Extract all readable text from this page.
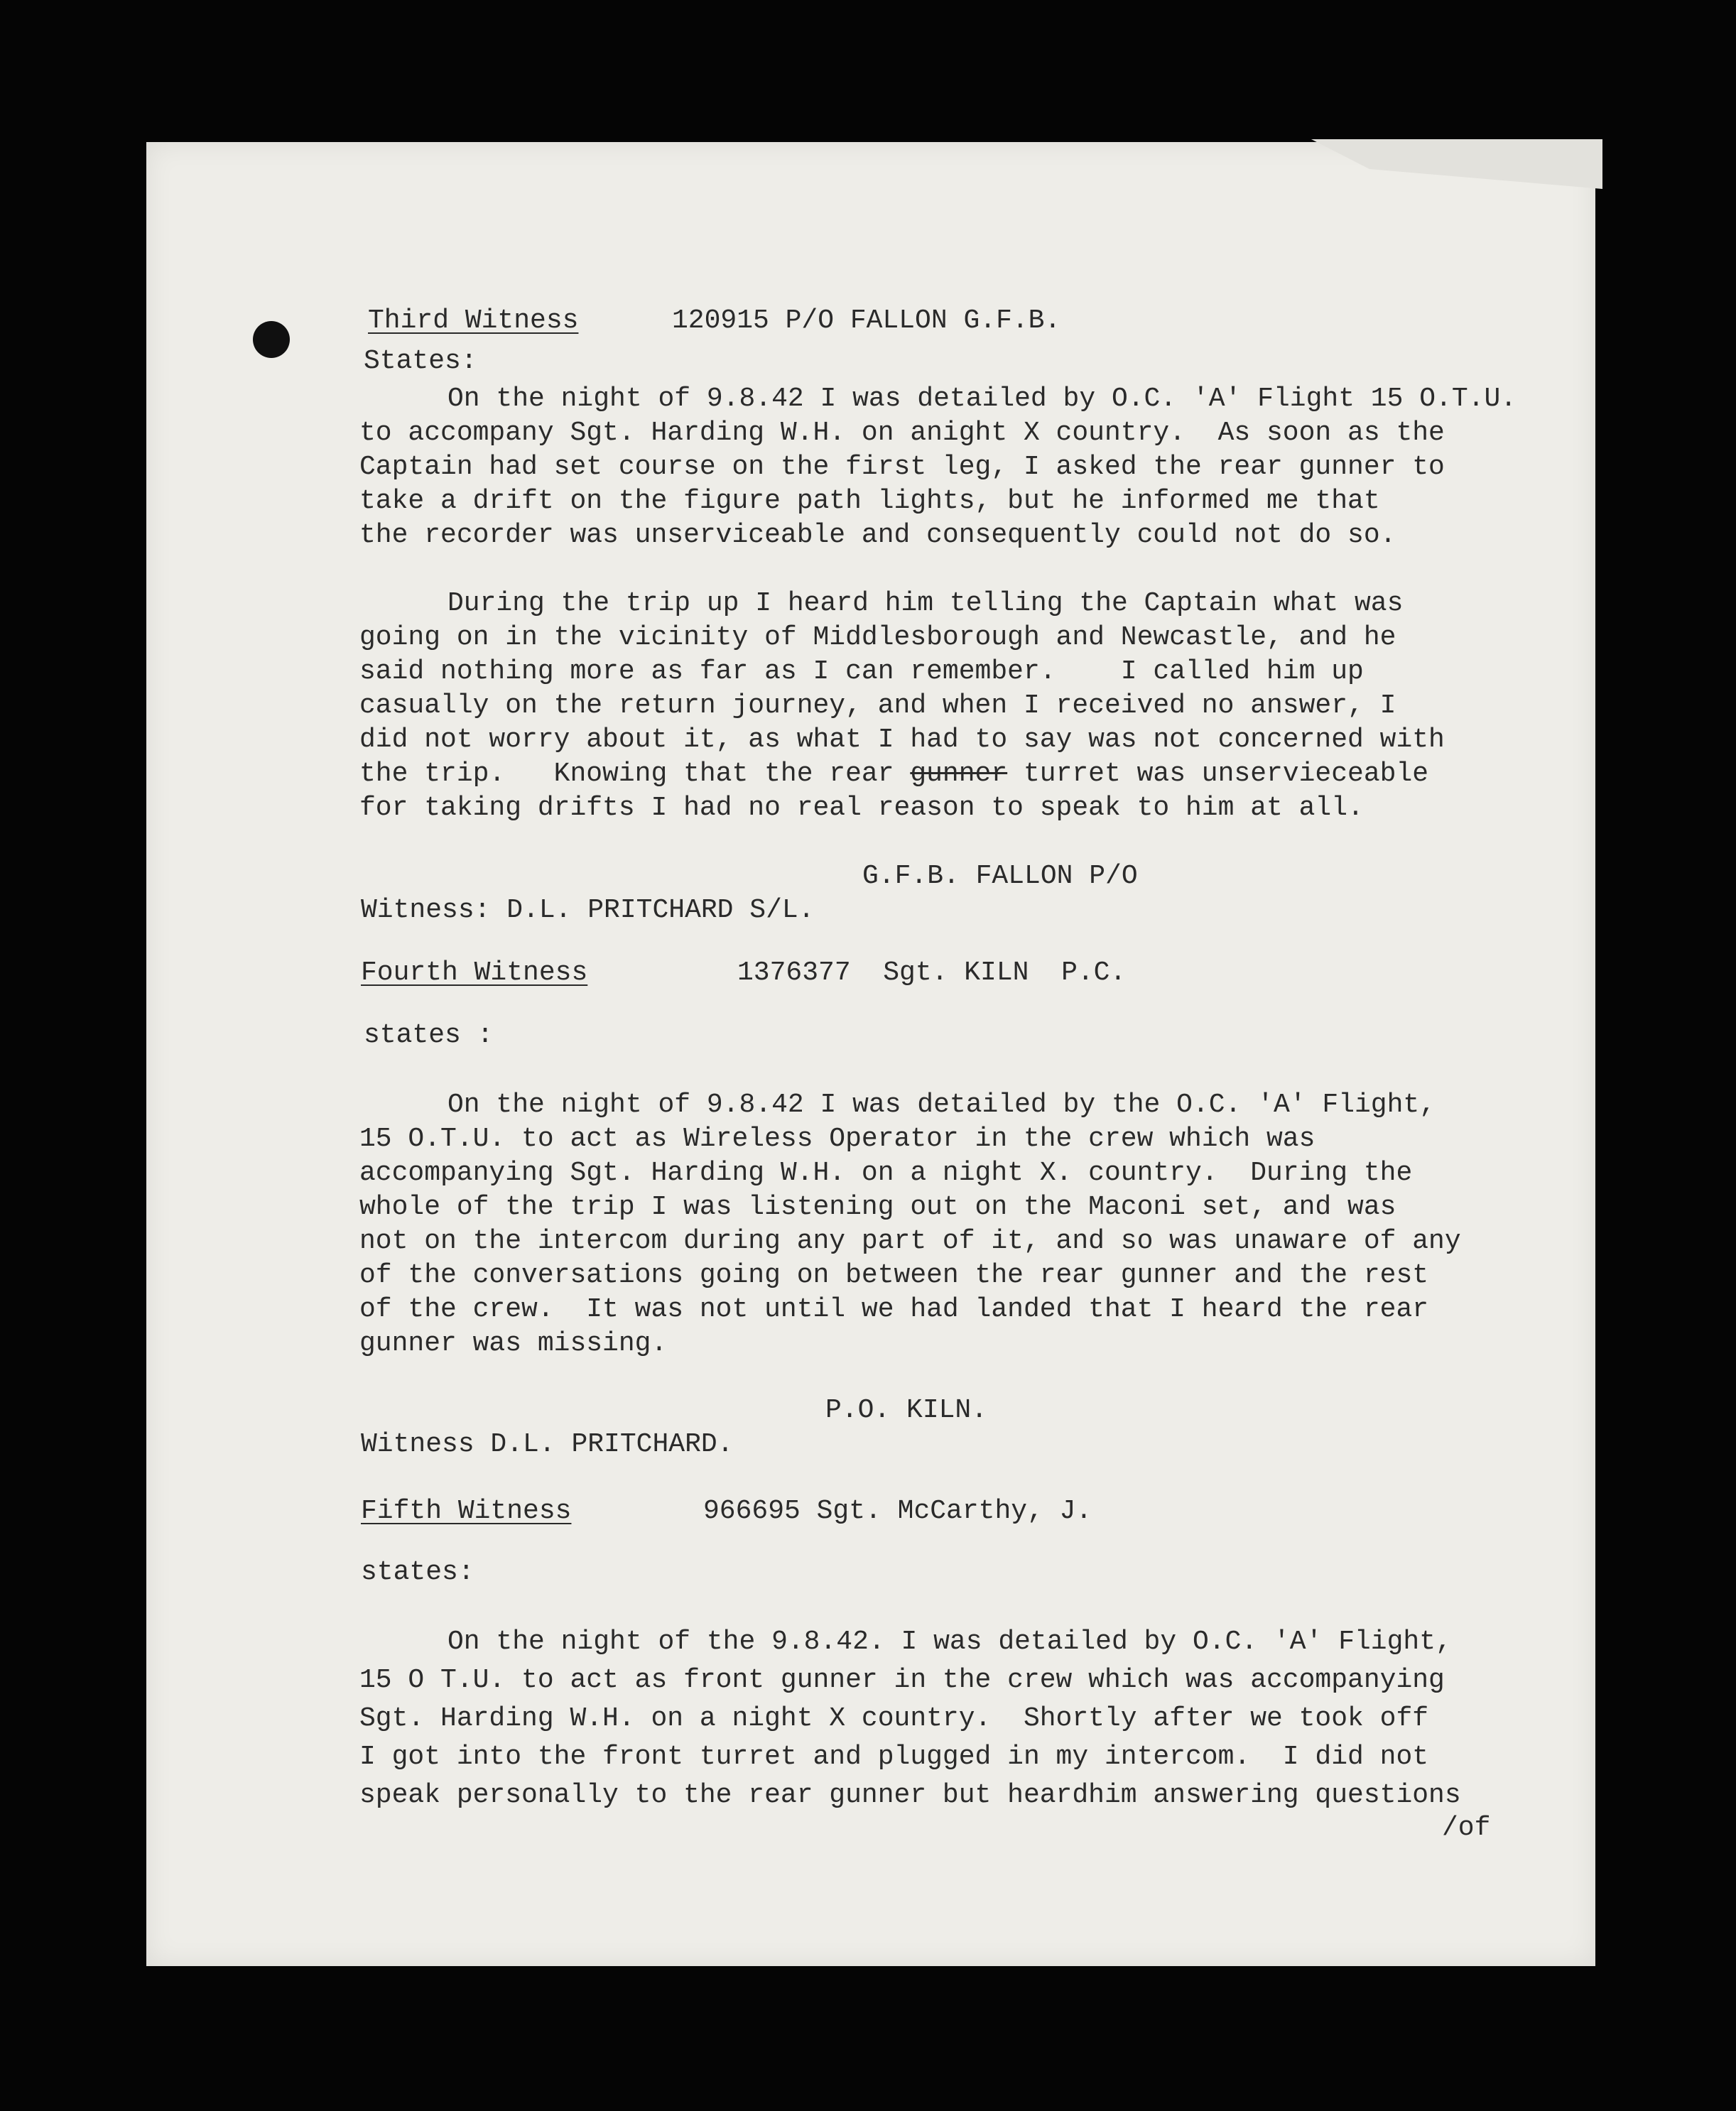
Third Witness	120915 P/O FALLON G.F.B.
States:
On the night of 9.8.42 I was detailed by O.C. 'A' Flight 15 O.T.U.
to accompany Sgt. Harding W.H. on anight X country.  As soon as the
Captain had set course on the first leg, I asked the rear gunner to
take a drift on the figure path lights, but he informed me that
the recorder was unserviceable and consequently could not do so.
During the trip up I heard him telling the Captain what was
going on in the vicinity of Middlesborough and Newcastle, and he
said nothing more as far as I can remember.    I called him up
casually on the return journey, and when I received no answer, I
did not worry about it, as what I had to say was not concerned with
the trip.   Knowing that the rear gunner turret was unservieceable
for taking drifts I had no real reason to speak to him at all.
G.F.B. FALLON P/O
Witness: D.L. PRITCHARD S/L.
Fourth Witness	1376377  Sgt. KILN  P.C.
states :
On the night of 9.8.42 I was detailed by the O.C. 'A' Flight,
15 O.T.U. to act as Wireless Operator in the crew which was
accompanying Sgt. Harding W.H. on a night X. country.  During the
whole of the trip I was listening out on the Maconi set, and was
not on the intercom during any part of it, and so was unaware of any
of the conversations going on between the rear gunner and the rest
of the crew.  It was not until we had landed that I heard the rear
gunner was missing.
P.O. KILN.
Witness D.L. PRITCHARD.
Fifth Witness	966695 Sgt. McCarthy, J.
states:
On the night of the 9.8.42. I was detailed by O.C. 'A' Flight,
15 O T.U. to act as front gunner in the crew which was accompanying
Sgt. Harding W.H. on a night X country.  Shortly after we took off
I got into the front turret and plugged in my intercom.  I did not
speak personally to the rear gunner but heardhim answering questions
/of
